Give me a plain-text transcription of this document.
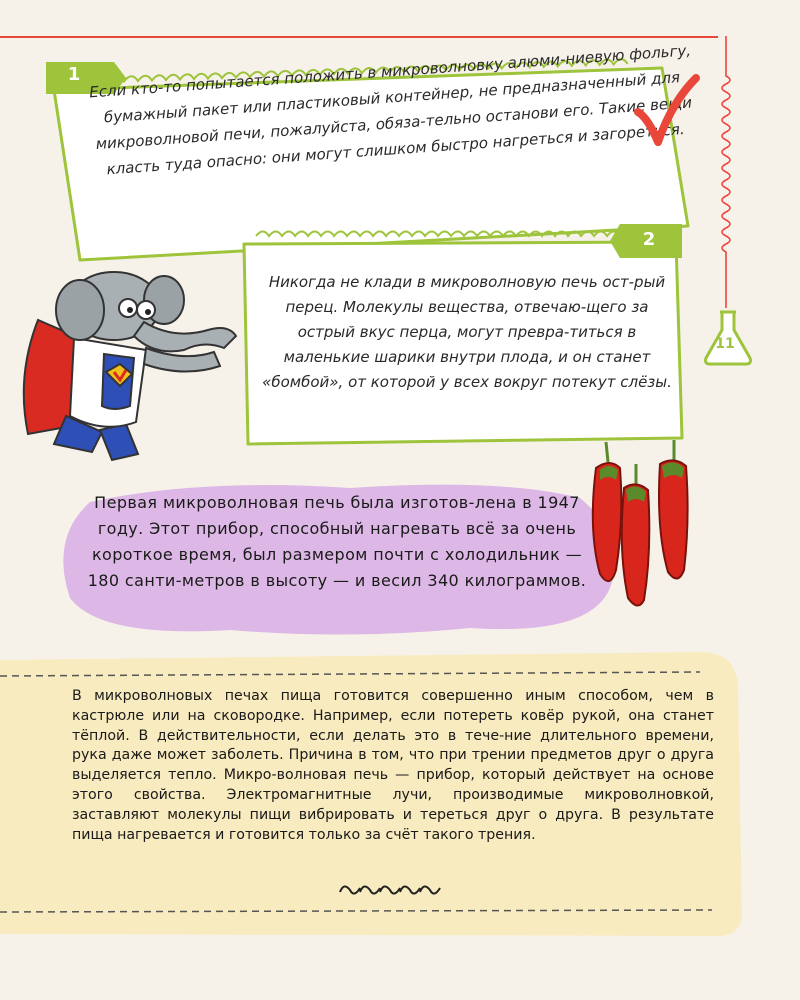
11
1 Если кто-то попытается положить в микроволновку алюми-ниевую фольгу, бумажный пакет или пластиковый контейнер, не предназначенный для микроволновой печи, пожалуйста, обяза-тельно останови его. Такие вещи класть туда опасно: они могут слишком быстро нагреться и загореться.
2
Никогда не клади в микроволновую печь ост-рый перец. Молекулы вещества, отвечаю-щего за острый вкус перца, могут превра-титься в маленькие шарики внутри плода, и он станет «бомбой», от которой у всех вокруг потекут слёзы.
Первая микроволновая печь была изготов-лена в 1947 году. Этот прибор, способный нагревать всё за очень короткое время, был размером почти с холодильник — 180 санти-метров в высоту — и весил 340 килограммов.
В микроволновых печах пища готовится совершенно иным способом, чем в кастрюле или на сковородке. Например, если потереть ковёр рукой, она станет тёплой. В действительности, если делать это в тече-ние длительного времени, рука даже может заболеть. Причина в том, что при трении предметов друг о друга выделяется тепло. Микро-волновая печь — прибор, который действует на основе этого свойства. Электромагнитные лучи, производимые микроволновкой, заставляют молекулы пищи вибрировать и тереться друг о друга. В результате пища нагревается и готовится только за счёт такого трения.
